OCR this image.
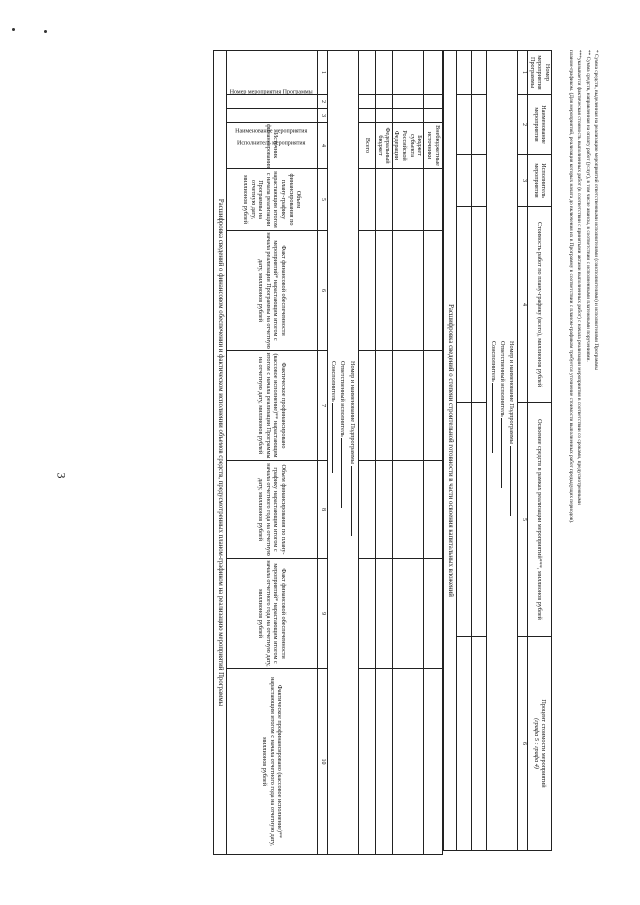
3
* Сумма средств, выделенная на реализацию мероприятий ответственными исполнителями (соисполнителями) и исполнителями Программы
** Сумма средств, направленная на оплату работ (услуг), в том числе авансы, в соответствии с исполненными платежными поручениями.
***указывается фактическая стоимость выполненных работ (в соответствии с принятыми актами выполненных работ) с начала реализации мероприятия в соответствии со сроками, предусмотренными
планом-графиком. (Для мероприятий, реализация которых начата до включения их в Программу в соответствии с планом-графиком требуется уточнение стоимости выполненных работ предыдущих периодов).
Номер мероприятия Программы	Наименование мероприятия	Исполнитель мероприятия	Стоимость работ по плану-графику (всего), миллионов рублей	Освоение средств в рамках реализации мероприятий***, миллионов рублей	Процент стоимости мероприятий
(графа 5 : графа 4)
1	2	3	4	5	6

Номер и наименование Подпрограммы
Ответственный исполнитель
Соисполнитель					

Расшифровка сведений о степени строительной готовности в части освоения капитальных вложений					
			Внебюджетные источники						
			Бюджет субъекта Российской Федерации						
			Федеральный бюджет						
			Всего						

Номер и наименование Подпрограммы
Ответственный исполнитель
Соисполнитель									

1	2	3	4	5	6	7	8	9	10
Номер мероприятия Программы	Наименование мероприятия	Исполнитель мероприятия	Источник финансирования	Объем финансирования по плану-графику нарастающим итогом с начала реализации Программы на отчетную дату, миллионов рублей	Факт финансовой обеспеченности мероприятий* нарастающим итогом с начала реализации Программы на отчетную дату, миллионов рублей	Фактическое профинансировано (кассовое исполнение)** нарастающим итогом с начала реализации Программы на отчетную дату, миллионов рублей	Объем финансирования по плану-графику нарастающим итогом с начала отчетного года на отчетную дату, миллионов рублей	Факт финансовой обеспеченности мероприятий* нарастающим итогом с начала отчетного года на отчетную дату, миллионов рублей	Фактическое профинансировано (кассовое исполнение)** нарастающим итогом с начала отчетного года на отчетную дату, миллионов рублей
Расшифровка сведений о финансовом обеспечении и фактическом исполнении объемов средств, предусмотренных планом-графиком на реализацию мероприятий Программы									
